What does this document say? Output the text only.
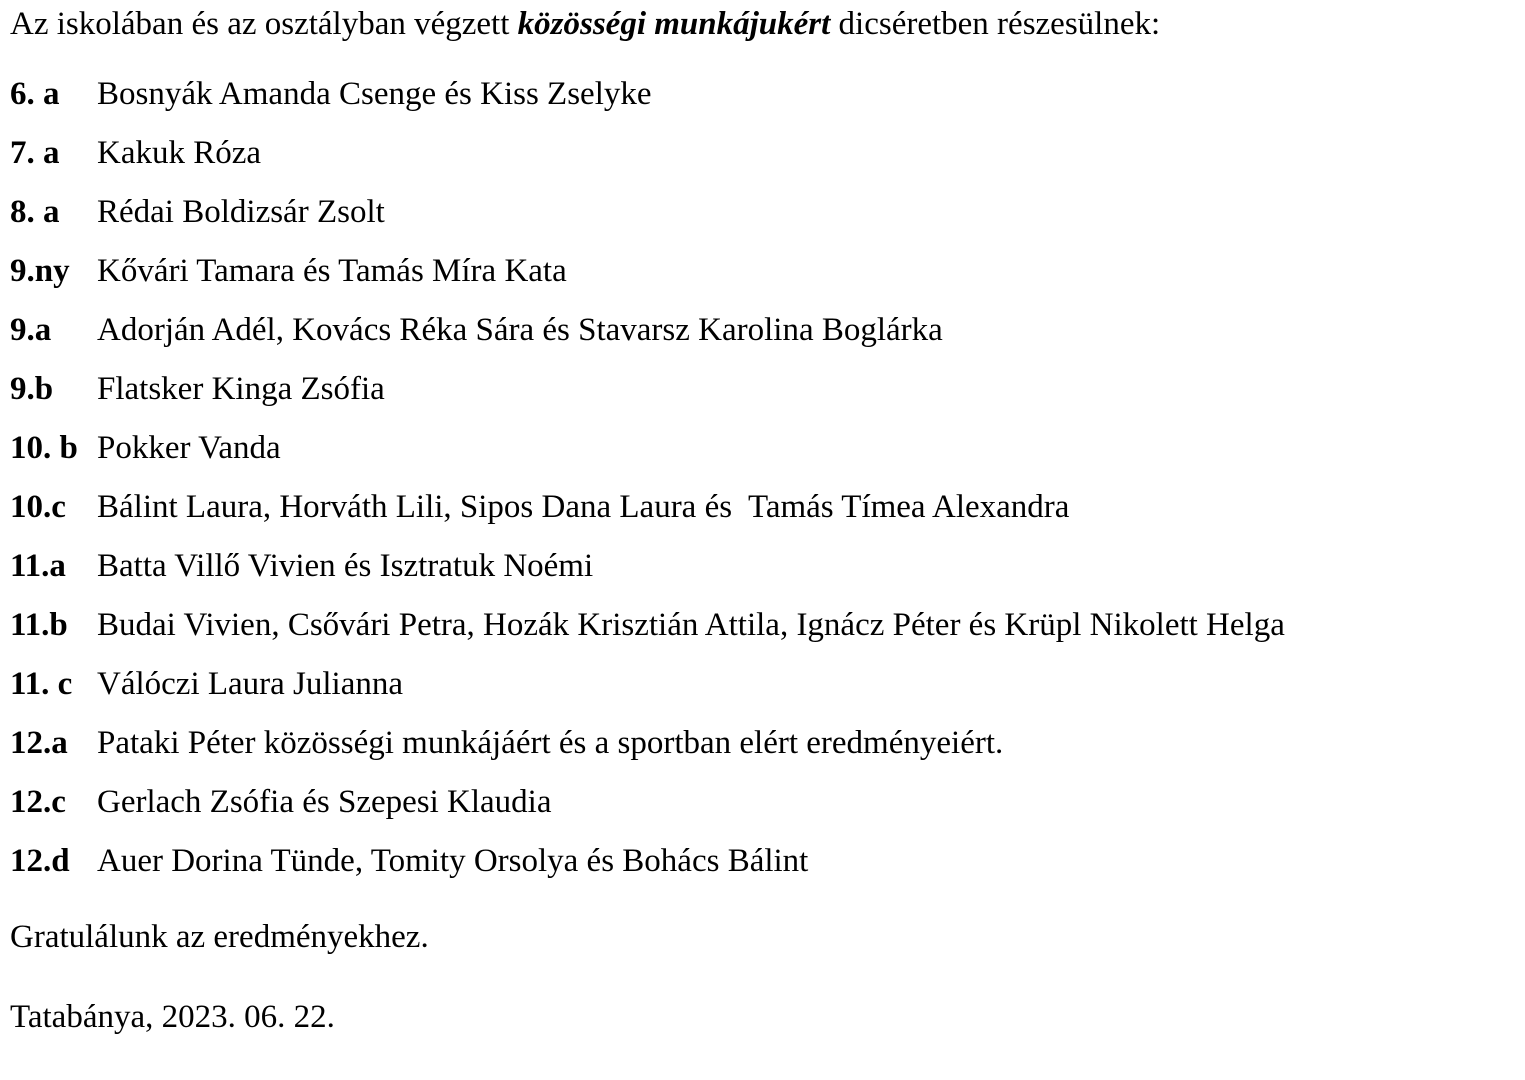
Az iskolában és az osztályban végzett közösségi munkájukért dicséretben részesülnek:

6. a	Bosnyák Amanda Csenge és Kiss Zselyke
7. a	Kakuk Róza
8. a	Rédai Boldizsár Zsolt
9.ny Kővári Tamara és Tamás Míra Kata
9.a	Adorján Adél, Kovács Réka Sára és Stavarsz Karolina Boglárka
9.b	Flatsker Kinga Zsófia
10. b Pokker Vanda
10.c Bálint Laura, Horváth Lili, Sipos Dana Laura és  Tamás Tímea Alexandra
11.a Batta Villő Vivien és Isztratuk Noémi
11.b Budai Vivien, Csővári Petra, Hozák Krisztián Attila, Ignácz Péter és Krüpl Nikolett Helga
11. c Válóczi Laura Julianna
12.a Pataki Péter közösségi munkájáért és a sportban elért eredményeiért.
12.c Gerlach Zsófia és Szepesi Klaudia
12.d Auer Dorina Tünde, Tomity Orsolya és Bohács Bálint

Gratulálunk az eredményekhez.

Tatabánya, 2023. 06. 22.
